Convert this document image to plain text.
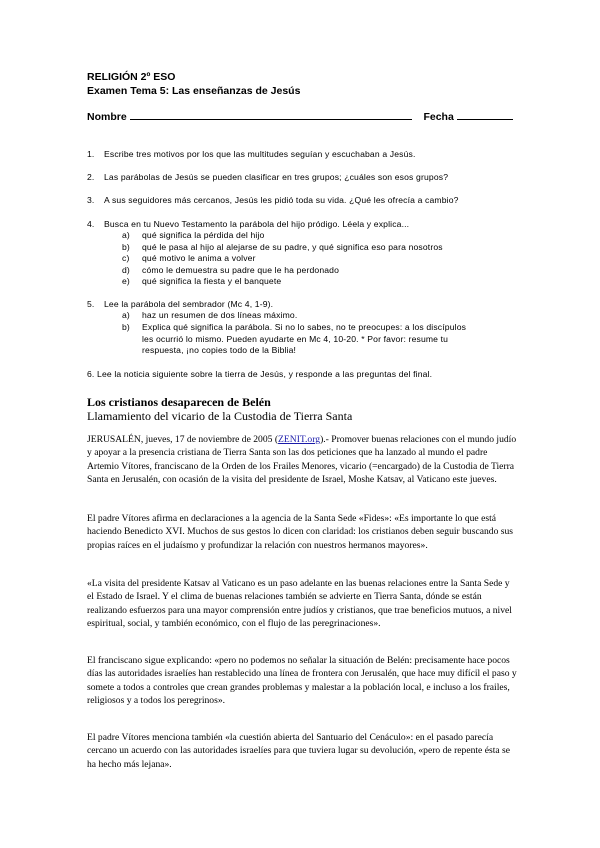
RELIGIÓN 2º ESO
Examen Tema 5: Las enseñanzas de Jesús
Nombre	Fecha
1. Escribe tres motivos por los que las multitudes seguían y escuchaban a Jesús.
2. Las parábolas de Jesús se pueden clasificar en tres grupos; ¿cuáles son esos grupos?
3. A sus seguidores más cercanos, Jesús les pidió toda su vida. ¿Qué les ofrecía a cambio?
4. Busca en tu Nuevo Testamento la parábola del hijo pródigo. Léela y explica...
a) qué significa la pérdida del hijo
b) qué le pasa al hijo al alejarse de su padre, y qué significa eso para nosotros
c) qué motivo le anima a volver
d) cómo le demuestra su padre que le ha perdonado
e) qué significa la fiesta y el banquete
5. Lee la parábola del sembrador (Mc 4, 1-9).
a) haz un resumen de dos líneas máximo.
b) Explica qué significa la parábola. Si no lo sabes, no te preocupes: a los discípulos
les ocurrió lo mismo. Pueden ayudarte en Mc 4, 10-20. * Por favor: resume tu
respuesta, ¡no copies todo de la Biblia!
6. Lee la noticia siguiente sobre la tierra de Jesús, y responde a las preguntas del final.
Los cristianos desaparecen de Belén
Llamamiento del vicario de la Custodia de Tierra Santa
JERUSALÉN, jueves, 17 de noviembre de 2005 (ZENIT.org).- Promover buenas relaciones con el mundo judío y apoyar a la presencia cristiana de Tierra Santa son las dos peticiones que ha lanzado al mundo el padre Artemio Vítores, franciscano de la Orden de los Frailes Menores, vicario (=encargado) de la Custodia de Tierra Santa en Jerusalén, con ocasión de la visita del presidente de Israel, Moshe Katsav, al Vaticano este jueves.
El padre Vítores afirma en declaraciones a la agencia de la Santa Sede «Fides»: «Es importante lo que está haciendo Benedicto XVI. Muchos de sus gestos lo dicen con claridad: los cristianos deben seguir buscando sus propias raíces en el judaísmo y profundizar la relación con nuestros hermanos mayores».
«La visita del presidente Katsav al Vaticano es un paso adelante en las buenas relaciones entre la Santa Sede y el Estado de Israel. Y el clima de buenas relaciones también se advierte en Tierra Santa, dónde se están realizando esfuerzos para una mayor comprensión entre judíos y cristianos, que trae beneficios mutuos, a nivel espiritual, social, y también económico, con el flujo de las peregrinaciones».
El franciscano sigue explicando: «pero no podemos no señalar la situación de Belén: precisamente hace pocos días las autoridades israelíes han restablecido una línea de frontera con Jerusalén, que hace muy difícil el paso y somete a todos a controles que crean grandes problemas y malestar a la población local, e incluso a los frailes, religiosos y a todos los peregrinos».
El padre Vítores menciona también «la cuestión abierta del Santuario del Cenáculo»: en el pasado parecía cercano un acuerdo con las autoridades israelíes para que tuviera lugar su devolución, «pero de repente ésta se ha hecho más lejana».
